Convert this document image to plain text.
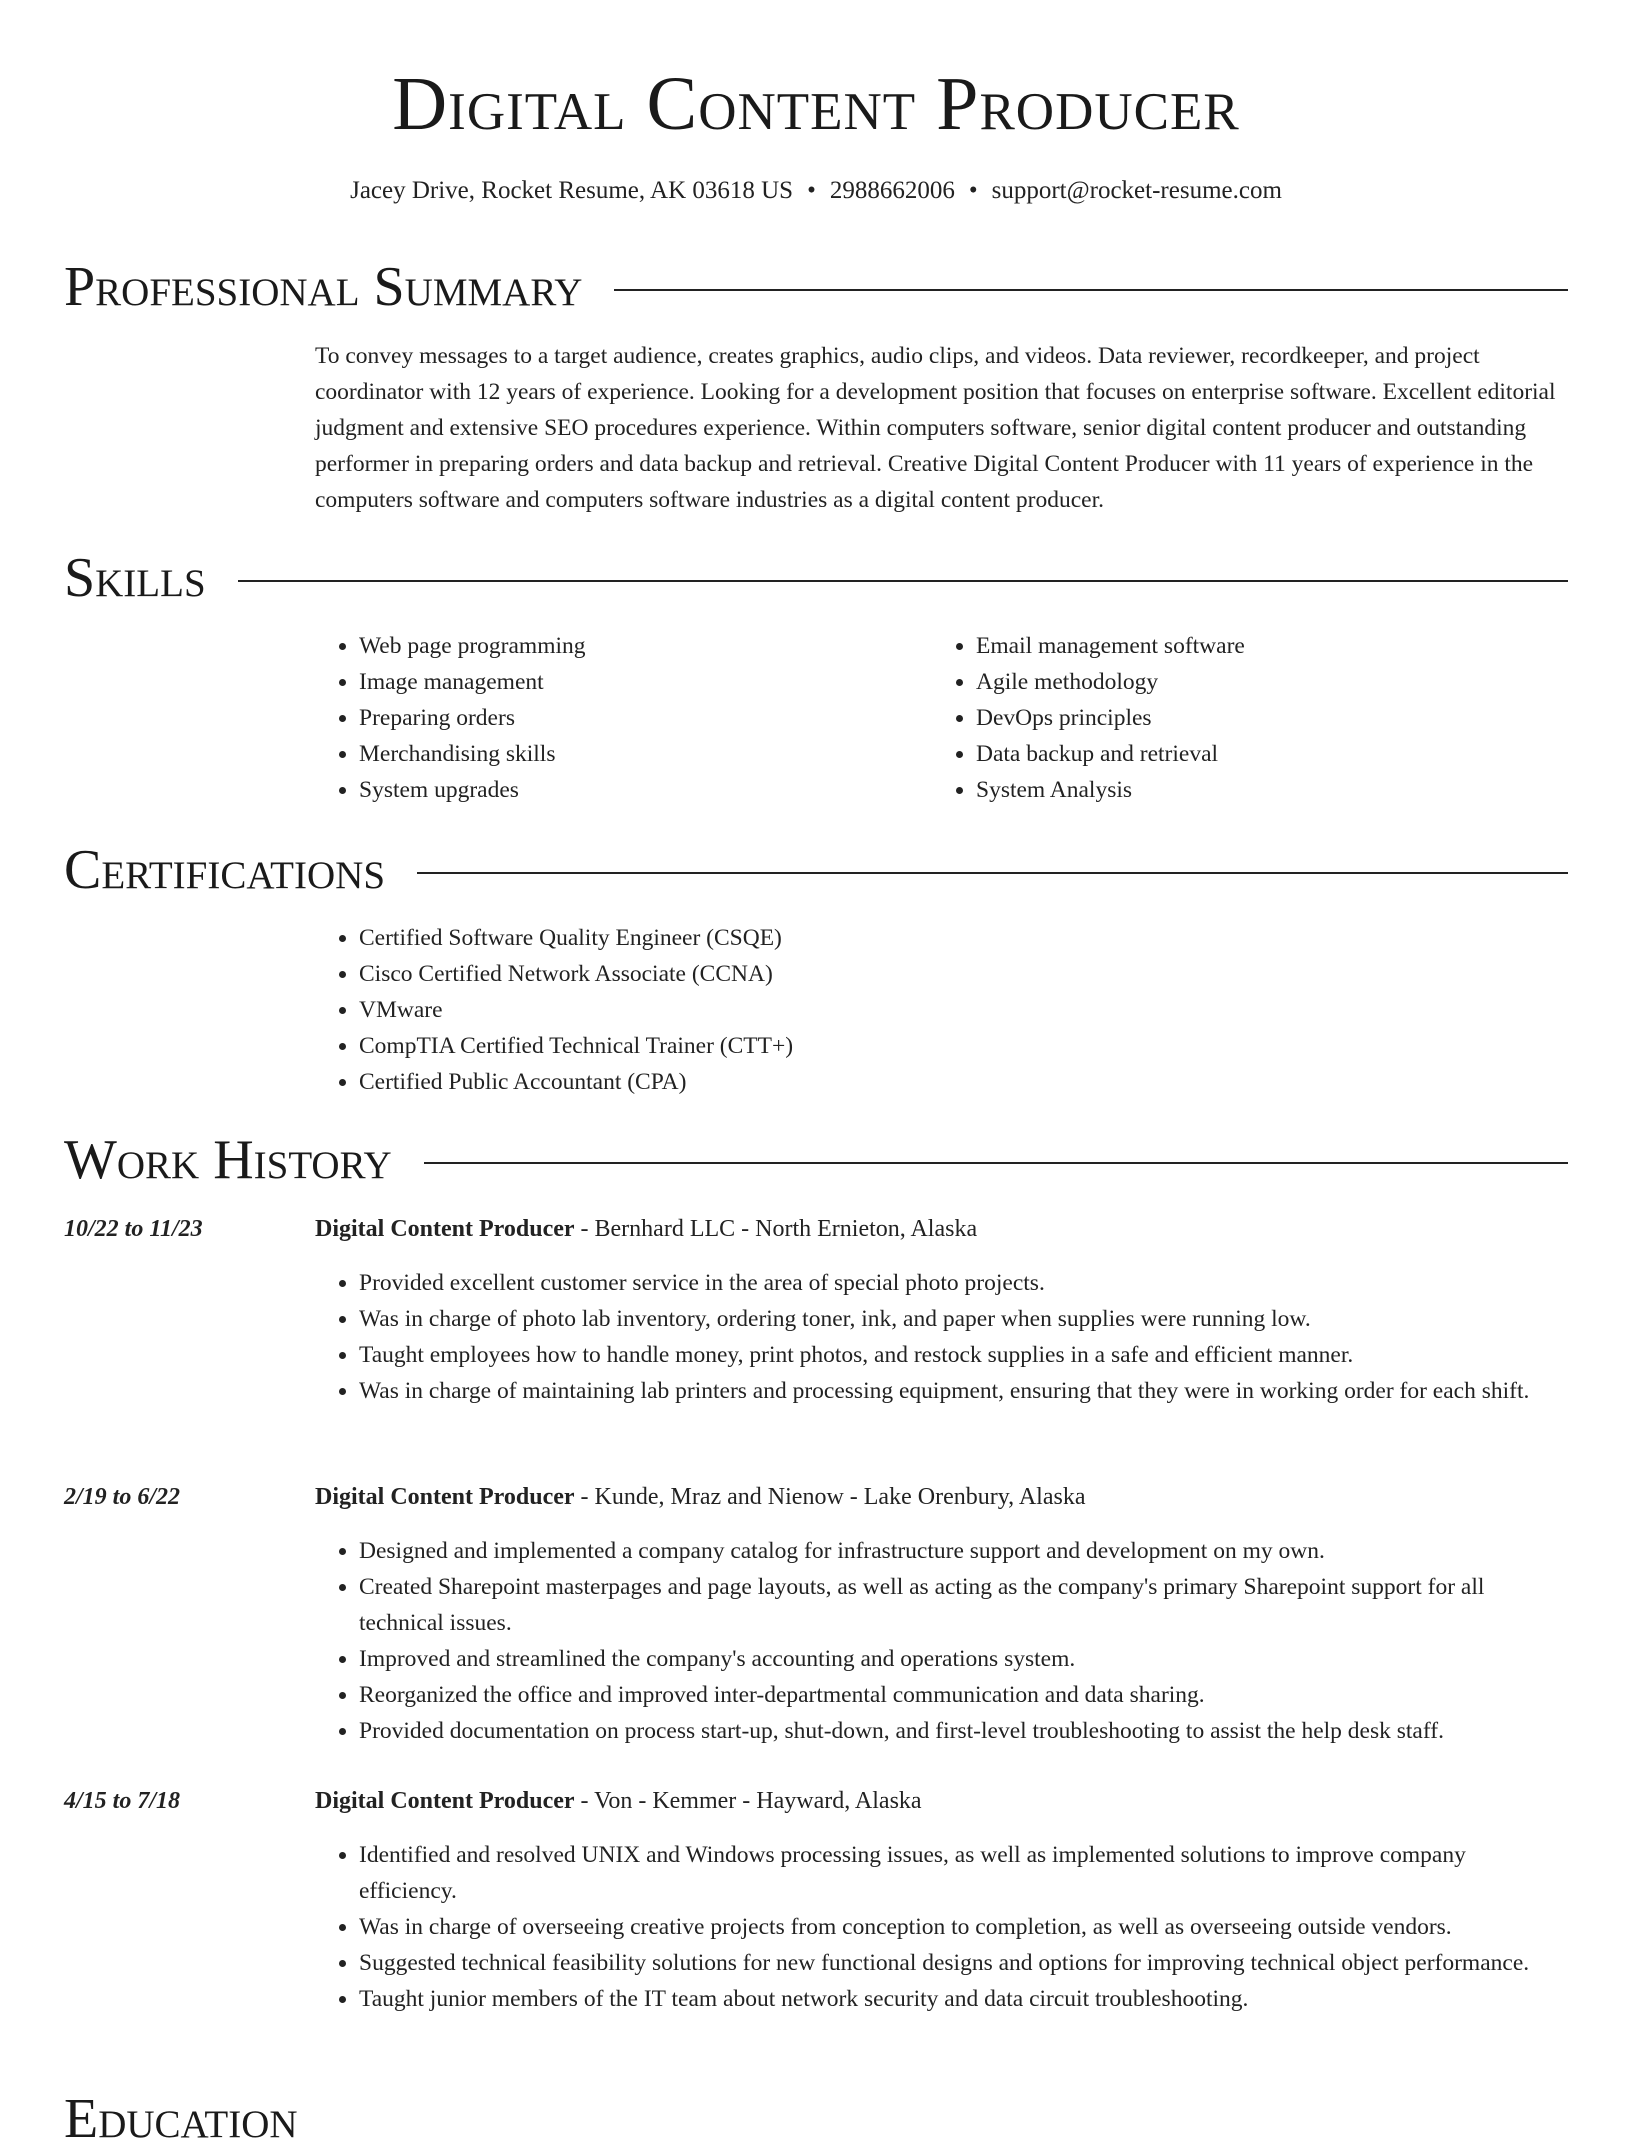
Digital Content Producer
Jacey Drive, Rocket Resume, AK 03618 US • 2988662006 • support@rocket-resume.com
Professional Summary

To convey messages to a target audience, creates graphics, audio clips, and videos. Data reviewer, recordkeeper, and project coordinator with 12 years of experience. Looking for a development position that focuses on enterprise software. Excellent editorial judgment and extensive SEO procedures experience. Within computers software, senior digital content producer and outstanding performer in preparing orders and data backup and retrieval. Creative Digital Content Producer with 11 years of experience in the computers software and computers software industries as a digital content producer.

Skills
• Web page programming
• Image management
• Preparing orders
• Merchandising skills
• System upgrades
• Email management software
• Agile methodology
• DevOps principles
• Data backup and retrieval
• System Analysis
Certifications
• Certified Software Quality Engineer (CSQE)
• Cisco Certified Network Associate (CCNA)
• VMware
• CompTIA Certified Technical Trainer (CTT+)
• Certified Public Accountant (CPA)
Work History
10/22 to 11/23	Digital Content Producer - Bernhard LLC - North Ernieton, Alaska
• Provided excellent customer service in the area of special photo projects.
• Was in charge of photo lab inventory, ordering toner, ink, and paper when supplies were running low.
• Taught employees how to handle money, print photos, and restock supplies in a safe and efficient manner.
• Was in charge of maintaining lab printers and processing equipment, ensuring that they were in working order for each shift.
2/19 to 6/22	Digital Content Producer - Kunde, Mraz and Nienow - Lake Orenbury, Alaska
• Designed and implemented a company catalog for infrastructure support and development on my own.
• Created Sharepoint masterpages and page layouts, as well as acting as the company's primary Sharepoint support for all technical issues.
• Improved and streamlined the company's accounting and operations system.
• Reorganized the office and improved inter-departmental communication and data sharing.
• Provided documentation on process start-up, shut-down, and first-level troubleshooting to assist the help desk staff.
4/15 to 7/18	Digital Content Producer - Von - Kemmer - Hayward, Alaska
• Identified and resolved UNIX and Windows processing issues, as well as implemented solutions to improve company efficiency.
• Was in charge of overseeing creative projects from conception to completion, as well as overseeing outside vendors.
• Suggested technical feasibility solutions for new functional designs and options for improving technical object performance.
• Taught junior members of the IT team about network security and data circuit troubleshooting.
Education
